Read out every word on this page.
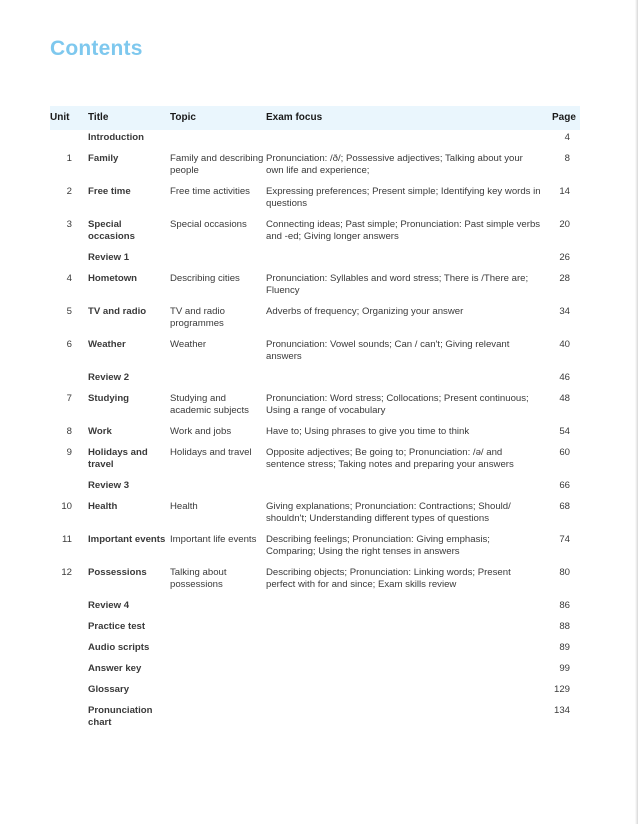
Contents
Unit	Title	Topic	Exam focus	Page
	Introduction			4
1	Family	Family and describing people	Pronunciation: /ð/; Possessive adjectives; Talking about your own life and experience;	8
2	Free time	Free time activities	Expressing preferences; Present simple; Identifying key words in questions	14
3	Special occasions	Special occasions	Connecting ideas; Past simple; Pronunciation: Past simple verbs and -ed; Giving longer answers	20
	Review 1			26
4	Hometown	Describing cities	Pronunciation: Syllables and word stress; There is /There are; Fluency	28
5	TV and radio	TV and radio programmes	Adverbs of frequency; Organizing your answer	34
6	Weather	Weather	Pronunciation: Vowel sounds; Can / can't; Giving relevant answers	40
	Review 2			46
7	Studying	Studying and academic subjects	Pronunciation: Word stress; Collocations; Present continuous; Using a range of vocabulary	48
8	Work	Work and jobs	Have to; Using phrases to give you time to think	54
9	Holidays and travel	Holidays and travel	Opposite adjectives; Be going to; Pronunciation: /ə/ and sentence stress; Taking notes and preparing your answers	60
	Review 3			66
10	Health	Health	Giving explanations; Pronunciation: Contractions; Should/ shouldn't; Understanding different types of questions	68
11	Important events	Important life events	Describing feelings; Pronunciation: Giving emphasis; Comparing; Using the right tenses in answers	74
12	Possessions	Talking about possessions	Describing objects; Pronunciation: Linking words; Present perfect with for and since; Exam skills review	80
	Review 4			86
	Practice test			88
	Audio scripts			89
	Answer key			99
	Glossary			129
	Pronunciation chart			134
